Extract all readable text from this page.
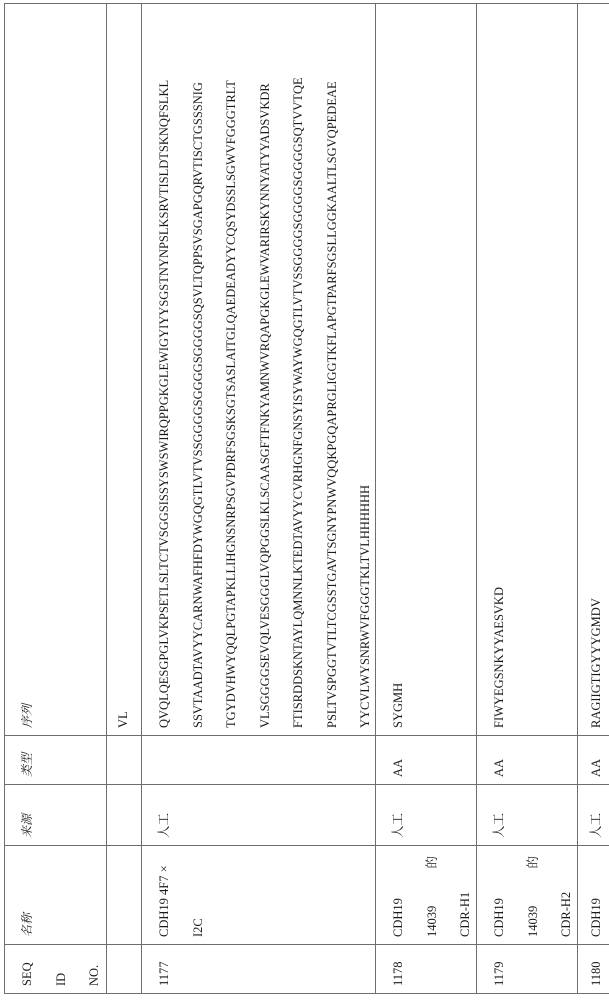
SEQ	ID	NO.
	名称	来源	类型	序列				VL
1177	
CDH19 4F7 ×	I2C
	人工		
QVQLQESGPGLVKPSETLSLTCTVSGGSISSYSWSWIRQPPGKGLEWIGYIYYSGSTNYNPSLKSRVTISLDTSKNQFSLKL	SSVTAADTAVYYCARNWAFHFDYWGQGTLVTVSSGGGGSGGGGSGGGGSQSVLTQPPSVSGAPGQRVTISCTGSSSNIG	TGYDVHWYQQLPGTAPKLLIHGNSNRPSGVPDRFSGSKSGTSASLAITGLQAEDEADYYCQSYDSSLSGWVFGGGTRLT	VLSGGGGSEVQLVESGGGLVQPGGSLKLSCAASGFTFNKYAMNWVRQAPGKGLEWVARIRSKYNNYATYYADSVKDR	FTISRDDSKNTAYLQMNNLKTEDTAVYYCVRHGNFGNSYISYWAYWGQGTLVTVSSGGGGSGGGGSGGGGSQTVVTQE	PSLTVSPGGTVTLTCGSSTGAVTSGNYPNWVQQKPGQAPRGLIGGTKFLAPGTPARFSGSLLGGKAALTLSGVQPEDEAE	YYCVLWYSNRWVFGGGTKLTVLHHHHHH

1178	
CDH19	14039
的
CDR-H1
	人工	AA	SYGMH
1179	
CDH19	14039
的
CDR-H2
	人工	AA	FIWYEGSNKYYAESVKD
1180	CDH19	人工	AA	RAGIIGTIGYYYGMDV
